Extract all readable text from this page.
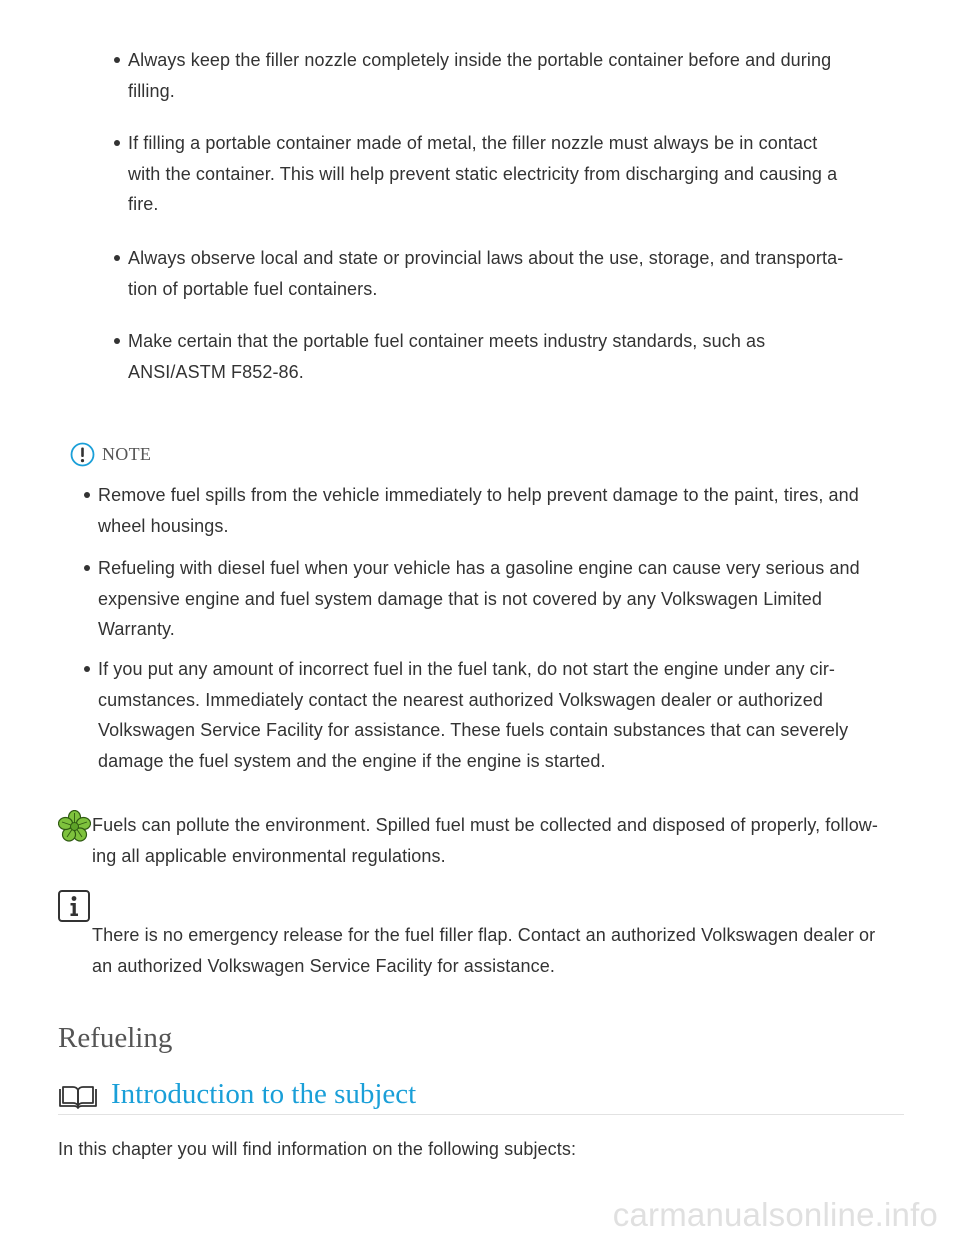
Always keep the filler nozzle completely inside the portable container before and during
filling.
If filling a portable container made of metal, the filler nozzle must always be in contact
with the container. This will help prevent static electricity from discharging and causing a
fire.
Always observe local and state or provincial laws about the use, storage, and transporta-
tion of portable fuel containers.
Make certain that the portable fuel container meets industry standards, such as
ANSI/ASTM F852-86.
NOTE
Remove fuel spills from the vehicle immediately to help prevent damage to the paint, tires, and
wheel housings.
Refueling with diesel fuel when your vehicle has a gasoline engine can cause very serious and
expensive engine and fuel system damage that is not covered by any Volkswagen Limited
Warranty.
If you put any amount of incorrect fuel in the fuel tank, do not start the engine under any cir-
cumstances. Immediately contact the nearest authorized Volkswagen dealer or authorized
Volkswagen Service Facility for assistance. These fuels contain substances that can severely
damage the fuel system and the engine if the engine is started.
Fuels can pollute the environment. Spilled fuel must be collected and disposed of properly, follow-
ing all applicable environmental regulations.
There is no emergency release for the fuel filler flap. Contact an authorized Volkswagen dealer or
an authorized Volkswagen Service Facility for assistance.
Refueling
Introduction to the subject
In this chapter you will find information on the following subjects:
carmanualsonline.info
